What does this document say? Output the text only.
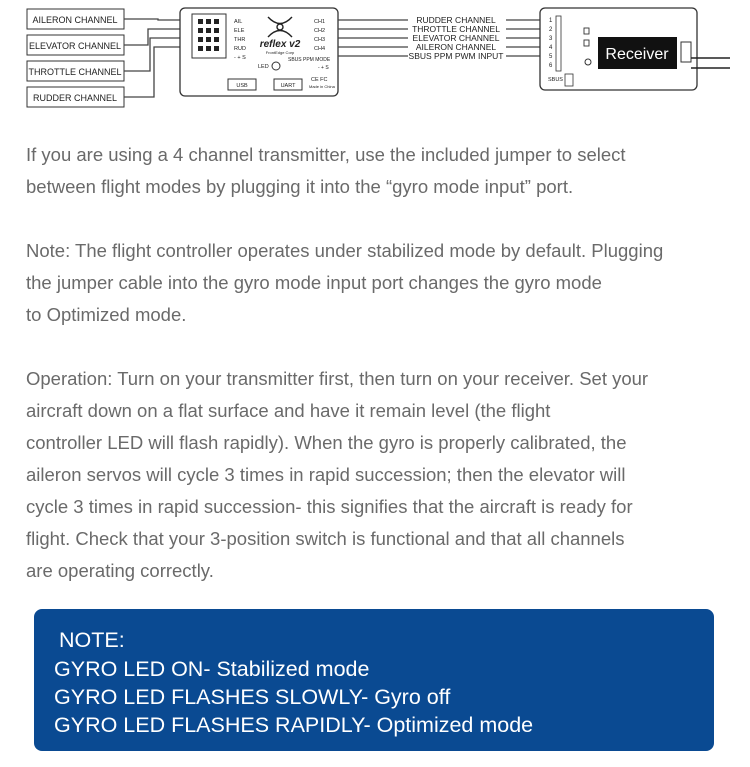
AILERON CHANNEL
ELEVATOR CHANNEL
THROTTLE CHANNEL
RUDDER CHANNEL
AIL
ELE
THR
RUD
- + S
reflex v2
FrontEdge Corp
CH1
CH2
CH3
CH4
SBUS PPM MODE
- + S
LED
USB	UART
CE FC
Made in China
RUDDER CHANNEL
THROTTLE CHANNEL
ELEVATOR CHANNEL
AILERON CHANNEL
SBUS PPM PWM INPUT
1
2
3
4
5
6
Receiver
SBUS
If you are using a 4 channel transmitter, use the included jumper to select
between flight modes by plugging it into the “gyro mode input” port.
Note: The flight controller operates under stabilized mode by default. Plugging
the jumper cable into the gyro mode input port changes the gyro mode
to Optimized mode.
Operation: Turn on your transmitter first, then turn on your receiver. Set your
aircraft down on a flat surface and have it remain level (the flight
controller LED will flash rapidly). When the gyro is properly calibrated, the
aileron servos will cycle 3 times in rapid succession; then the elevator will
cycle 3 times in rapid succession- this signifies that the aircraft is ready for
flight. Check that your 3-position switch is functional and that all channels
are operating correctly.
NOTE:
GYRO LED ON- Stabilized mode
GYRO LED FLASHES SLOWLY- Gyro off
GYRO LED FLASHES RAPIDLY- Optimized mode
